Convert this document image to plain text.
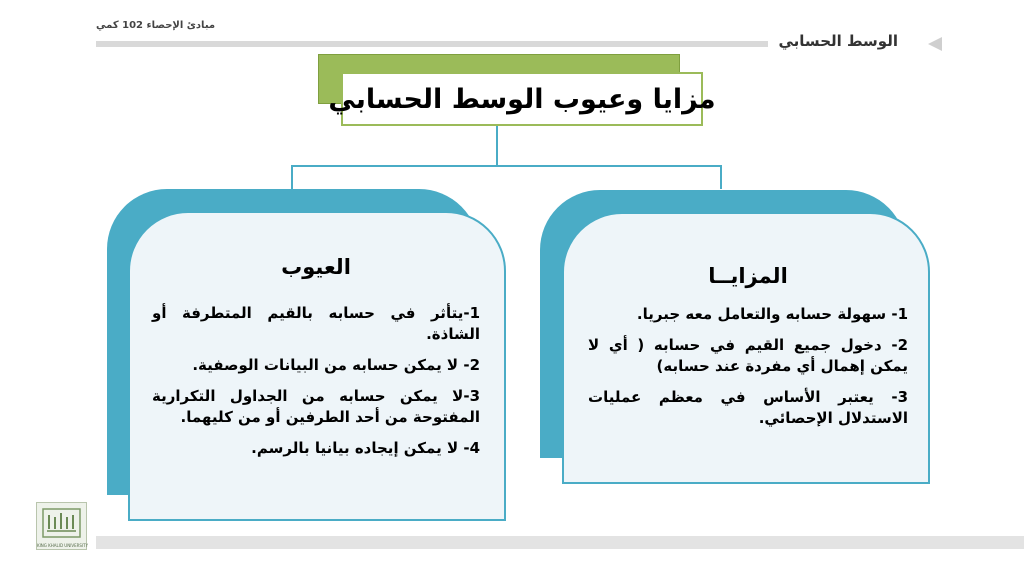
مبادئ الإحصاء 102 كمي
الوسط الحسابي
مزايا وعيوب الوسط الحسابي
العيوب

1-يتأثر في حسابه بالقيم المتطرفة أو الشاذة.

2- لا يمكن حسابه من البيانات الوصفية.

3-لا يمكن حسابه من الجداول التكرارية المفتوحة من أحد الطرفين أو من كليهما.

4- لا يمكن إيجاده بيانيا بالرسم.

المزايــا

1- سهولة حسابه والتعامل معه جبريا.

2- دخول جميع القيم في حسابه ( أي لا يمكن إهمال أي مفردة عند حسابه)

3- يعتبر الأساس في معظم عمليات الاستدلال الإحصائي.

KING KHALID UNIVERSITY
